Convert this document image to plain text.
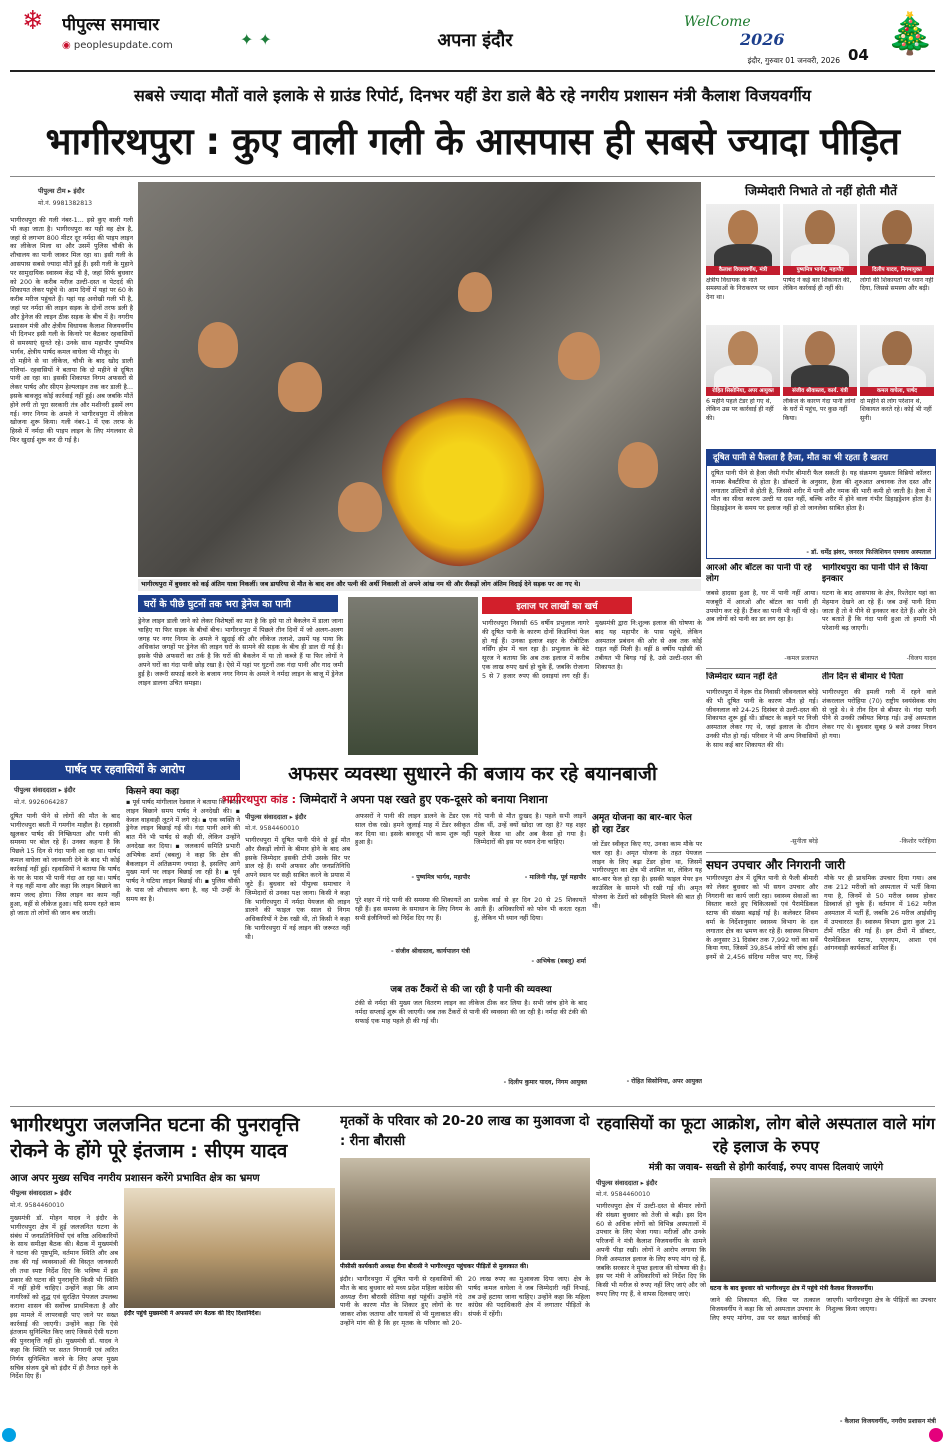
❄	पीपुल्स समाचार
◉ peoplesupdate.com	✦ ✦	अपना इंदौर
WelCome
2026	🎄
इंदौर, गुरुवार 01 जनवरी, 2026 04
सबसे ज्यादा मौतों वाले इलाके से ग्राउंड रिपोर्ट, दिनभर यहीं डेरा डाले बैठे रहे नगरीय प्रशासन मंत्री कैलाश विजयवर्गीय
भागीरथपुरा : कुए वाली गली के आसपास ही सबसे ज्यादा पीड़ित
पीपुल्स टीम ▸ इंदौर
मो.नं. 9981382813
भागीरथपुरा की गली नंबर-1... इसे कुए वाली गली भी कहा जाता है। भागीरथपुरा का यही वह क्षेत्र है, जहां से लगभग 800 मीटर दूर नर्मदा की पाइप लाइन का लीकेज मिला था और उसमें पुलिस चौकी के शौचालय का पानी जाकर मिल रहा था। इसी गली के आसपास सबसे ज्यादा मौतें हुई हैं। इसी गली के मुहाने पर सामुदायिक स्वास्थ्य केंद्र भी है, जहां सिर्फ बुधवार को 200 के करीब मरीज उल्टी-दस्त व पेटदर्द की शिकायत लेकर पहुंचे थे। आम दिनों में यहां पर 60 के करीब मरीज पहुंचते हैं। यहां यह अनोखी गली भी है, जहां पर नर्मदा की लाइन सड़क के दोनों तरफ डली है और ड्रेनेज की लाइन ठीक सड़क के बीच में है। नगरीय प्रशासन मंत्री और क्षेत्रीय विधायक कैलाश विजयवर्गीय भी दिनभर इसी गली के किनारे पर बैठकर रहवासियों से समस्याएं सुनते रहे। उनके साथ महापौर पुष्यमित्र भार्गव, क्षेत्रीय पार्षद कमल वाघेला भी मौजूद थे।
दो महीने से था लीकेज, चौथी के बाद खोद डाली गलियां- रहवासियों ने बताया कि दो महीने से दूषित पानी आ रहा था। इसकी शिकायत निगम अफसरों से लेकर पार्षद और सीएम हेल्पलाइन तक कर डाली है... इसके बावजूद कोई कार्रवाई नहीं हुई। अब जबकि मौतें होने लगी तो पूरा सरकारी तंत्र और मशीनरी इसमें लग गई। नगर निगम के अमले ने भागीरथपुरा में लीकेज खोजना शुरू किया। गली नंबर-1 में एक तरफ के हिस्से में नर्मदा की पाइप लाइन के लिए मंगलवार से फिर खुदाई शुरू कर दी गई है।
भागीरथपुरा में बुधवार को कई अंतिम यात्रा निकलीं। जब डायरिया से मौत के बाद शव और पत्नी की अर्थी निकाली तो अपने आंख नम थी और सैकड़ों लोग अंतिम विदाई देने सड़क पर आ गए थे।
घरों के पीछे घुटनों तक भरा ड्रेनेज का पानी
ड्रेनेज लाइन डाली जाने को लेकर विशेषज्ञों का मत है कि इसे या तो बैकलेन में डाला जाना चाहिए या फिर सड़क के बीचों बीच। भागीरथपुरा में पिछले तीन दिनों में जो अलग-अलग जगह पर नगर निगम के अमले ने खुदाई की और लीकेज तलाशे, उसमें यह पाया कि अधिकांश जगहों पर ड्रेनेज की लाइन घरों के सामने की सड़क के बीच ही डाल दी गई है। इसके पीछे अफसरों का तर्क है कि घरों की बैकलेन में या तो कब्जे हैं या फिर लोगों ने अपने घरों का गंदा पानी छोड़ रखा है। ऐसे में यहां पर घुटनों तक गंदा पानी और गाद जमी हुई है। जरूरी सफाई करने के बजाय नगर निगम के अमले ने नर्मदा लाइन के बाजू में ड्रेनेज लाइन डालना उचित समझा।
इलाज पर लाखों का खर्च
भागीरथपुरा निवासी 65 वर्षीय प्रभुलाल नागरे की दूषित पानी के कारण दोनों किडनियां फेल हो गई हैं। उनका इलाज शहर के रोबोटिक नर्सिंग होम में चल रहा है। प्रभुलाल के बेटे सूरज ने बताया कि अब तक इलाज में करीब एक लाख रुपए खर्च हो चुके हैं, जबकि रोजाना 5 से 7 हजार रुपए की दवाइयां लग रही हैं। मुख्यमंत्री द्वारा नि:शुल्क इलाज की घोषणा के बाद यह महापौर के पास पहुंचे, लेकिन अस्पताल प्रबंधन की ओर से अब तक कोई राहत नहीं मिली है। वहीं 8 वर्षीय पड़ोसी की तबीयत भी बिगड़ गई है, उसे उल्टी-दस्त की शिकायत है।
जिम्मेदारी निभाते तो नहीं होती मौतें
कैलाश विजयवर्गीय, मंत्री
क्षेत्रीय विधायक के नाते समस्याओं के निराकरण पर ध्यान देना था।
पुष्यमित्र भार्गव, महापौर
पार्षद ने कई बार शिकायत की, लेकिन कार्रवाई ही नहीं की।
दिलीप यादव, निगमायुक्त
लोगों की शिकायतों पर ध्यान नहीं दिया, जिससे समस्या और बढ़ी।
रोहित सिसोनिया, अपर आयुक्त
6 महीने पहले टेंडर हो गए थे, लेकिन उस पर कार्रवाई ही नहीं की।
संजीव श्रीवास्तव, कार्य. यंत्री
लीकेज के कारण गंदा पानी लोगों के घरों में पहुंच, पर कुछ नहीं किया।
कमल वाघेला, पार्षद
दो महीने से लोग परेशान थे, शिकायत करते रहे। कोई भी नहीं सुनी।
दूषित पानी से फैलता है हैजा, मौत का भी रहता है खतरा
दूषित पानी पीने से हैजा जैसी गंभीर बीमारी फैल सकती है। यह संक्रमण मुख्यतः विब्रियो कॉलरा नामक बैक्टीरिया से होता है। डॉक्टरों के अनुसार, हैजा की शुरुआत अचानक तेज दस्त और लगातार उल्टियों से होती है, जिससे शरीर में पानी और नमक की भारी कमी हो जाती है। हैजा में मौत का सीधा कारण उल्टी या दस्त नहीं, बल्कि शरीर में होने वाला गंभीर डिहाइड्रेशन होता है। डिहाइड्रेशन के समय पर इलाज नहीं हो तो जानलेवा साबित होता है।
- डॉ. धर्मेंद्र झंवर, जनरल फिजिशियन एमवाय अस्पताल
आरओ और बॉटल का पानी पी रहे लोग
जबसे हादसा हुआ है, घर में पानी नहीं आया। मजबूरी में आरओ और बॉटल का पानी ही उपयोग कर रहे हैं। टैंकर का पानी भी नहीं पी रहे। अब लोगों को पानी का डर लग रहा है।
-कमल प्रजापत
भागीरथपुरा का पानी पीने से किया इनकार
घटना के बाद आसपास के क्षेत्र, रिश्तेदार यहां का मेहमान देखने आ रहे हैं। जब उन्हें पानी दिया जाता है तो वे पीने से इनकार कर देते हैं। ओर देने पर बताते हैं कि गंदा पानी हुआ तो हमारी भी परेशानी बढ़ जाएगी।
-विजय यादव
जिम्मेदार ध्यान नहीं देते
भागीरथपुरा में नेहरू रोड निवासी जीवनलाल बरेड़े की भी दूषित पानी के कारण मौत हो गई। जीवनलाल को 24-25 दिसंबर से उल्टी-दस्त की शिकायत शुरू हुई थी। डॉक्टर के कहने पर निजी अस्पताल लेकर गए थे, जहां इलाज के दौरान उनकी मौत हो गई। परिवार ने भी अन्य निवासियों के साथ कई बार शिकायत की थी।
-सुनीता बरेड़े
तीन दिन से बीमार थे पिता
भागीरथपुरा की इमली गली में रहने वाले शंकरलाल परोहिया (70) राष्ट्रीय स्वयंसेवक संघ से जुड़े थे। वे तीन दिन से बीमार थे। गंदा पानी पीने से उनकी तबीयत बिगड़ गई। उन्हें अस्पताल लेकर गए थे। बुधवार सुबह 9 बजे उनका निधन हो गया।
-किशोर परोहिया
सघन उपचार और निगरानी जारी
भागीरथपुरा क्षेत्र में दूषित पानी से फैली बीमारी को लेकर बुधवार को भी सघन उपचार और निगरानी का कार्य जारी रहा। स्वास्थ्य सेवाओं का विस्तार करते हुए चिकित्सकों एवं पैरामेडिकल स्टाफ की संख्या बढ़ाई गई है। कलेक्टर शिवम वर्मा के निर्देशानुसार स्वास्थ्य विभाग के दल लगातार क्षेत्र का भ्रमण कर रहे हैं। स्वास्थ्य विभाग के अनुसार 31 दिसंबर तक 7,992 घरों का सर्वे किया गया, जिसमें 39,854 लोगों की जांच हुई। इनमें से 2,456 संदिग्ध मरीज पाए गए, जिन्हें मौके पर ही प्राथमिक उपचार दिया गया। अब तक 212 मरीजों को अस्पताल में भर्ती किया गया है, जिनमें से 50 मरीज स्वस्थ होकर डिस्चार्ज हो चुके हैं। वर्तमान में 162 मरीज अस्पताल में भर्ती हैं, जबकि 26 मरीज आईसीयू में उपचाररत हैं। स्वास्थ्य विभाग द्वारा कुल 21 टीमें गठित की गई हैं। इन टीमों में डॉक्टर, पैरामेडिकल स्टाफ, एएनएम, आशा एवं आंगनवाड़ी कार्यकर्ता शामिल हैं।
पार्षद पर रहवासियों के आरोप
पीपुल्स संवाददाता ▸ इंदौर
मो.नं. 9926064287
दूषित पानी पीने से लोगों की मौत के बाद भागीरथपुरा बस्ती में गमगीन माहौल है। रहवासी खुलकर पार्षद की निष्क्रियता और पानी की समस्या पर बोल रहे हैं। उनका कहना है कि पिछले 15 दिन से गंदा पानी आ रहा था। पार्षद कमल वाघेला को जानकारी देने के बाद भी कोई कार्रवाई नहीं हुई। रहवासियों ने बताया कि पार्षद के घर के पास भी पानी गंदा आ रहा था। पार्षद ने यह नहीं माना और कहा कि लाइन बिछाने का काम जल्द होगा। जिस लाइन का काम नहीं हुआ, वहीं से लीकेज हुआ। यदि समय रहते काम हो जाता तो लोगों की जान बच जाती।
किसने क्या कहा
▪ पूर्व पार्षद मांगीलाल रेडवाल ने बताया कि नर्मदा लाइन बिछाने समय पार्षद ने अनदेखी की। ▪ केवल वाहवाही लूटने में लगे रहे। ▪ एक व्यक्ति ने ड्रेनेज लाइन बिछाई गई थी। गंदा पानी आने की बात मैंने भी पार्षद से कही थी, लेकिन उन्होंने अनदेखा कर दिया। ▪ जलकार्य समिति प्रभारी अभिषेक शर्मा (बबलू) ने कहा कि क्षेत्र की बैकलाइन में अतिक्रमण ज्यादा है, इसलिए आगे मुख्य मार्ग पर लाइन बिछाई जा रही है। ▪ पूर्व पार्षद ने घटिया लाइन बिछाई थी। ▪ पुलिस चौकी के पास जो शौचालय बना है, वह भी उन्हीं के समय का है।
अफसर व्यवस्था सुधारने की बजाय कर रहे बयानबाजी
भागीरथपुरा कांड : जिम्मेदारों ने अपना पक्ष रखते हुए एक-दूसरे को बनाया निशाना
पीपुल्स संवाददाता ▸ इंदौर
मो.नं. 9584460010
भागीरथपुरा में दूषित पानी पीने से हुई मौत और सैकड़ों लोगों के बीमार होने के बाद अब इसके जिम्मेदार इसकी टोपी उसके सिर पर डाल रहे हैं। सभी अफसर और जनप्रतिनिधि अपने स्थान पर सही साबित करने के प्रयास में जुटे हैं। बुधवार को पीपुल्स समाचार ने जिम्मेदारों से उनका पक्ष जाना। किसी ने कहा कि भागीरथपुरा में नर्मदा पेयजल की लाइन डालने की फाइल एक साल से निगम अधिकारियों ने टेक रखी थी, तो किसी ने कहा कि भागीरथपुरा में नई लाइन की जरूरत नहीं थी।
अफसरों ने पानी की लाइन डालने के टेंडर एक साल रोक रखे। हमने जुलाई माह में टेंडर स्वीकृत कर दिया था। इसके बावजूद भी काम शुरू नहीं हुआ है।
- पुष्यमित्र भार्गव, महापौर
गंदे पानी से मौत दुःखद है। पहले सभी लाइनें ठीक थीं, उन्हें क्यों खोदा जा रहा है? यह शहर पहले कैसा था और अब कैसा हो गया है। जिम्मेदारों की इस पर ध्यान देना चाहिए।
- मालिनी गौड़, पूर्व महापौर
पूरे शहर में गंदे पानी की समस्या की शिकायतें आ रही हैं। इस समस्या के समाधान के लिए निगम के सभी इंजीनियरों को निर्देश दिए गए हैं।
- संजीव श्रीवास्तव, कार्यपालन यंत्री
प्रत्येक वार्ड से हर दिन 20 से 25 शिकायतें आती हैं। अधिकारियों को फोन भी करता रहता हूं, लेकिन भी ध्यान नहीं दिया।
- अभिषेक (बबलू) शर्मा
जब तक टैंकरों से की जा रही है पानी की व्यवस्था
टंकी से नर्मदा की मुख्य जल वितरण लाइन का लीकेज ठीक कर लिया है। सभी जांच होने के बाद नर्मदा सप्लाई शुरू की जाएगी। जब तक टैंकरों से पानी की व्यवस्था की जा रही है। नर्मदा की टंकी की सफाई एक माह पहले ही की गई थी।
- दिलीप कुमार यादव, निगम आयुक्त
अमृत योजना का बार-बार फेल हो रहा टेंडर
जो टेंडर स्वीकृत किए गए, उनका काम मौके पर चल रहा है। अमृत योजना के तहत पेयजल लाइन के लिए बढ़ा टेंडर होना था, जिसमें भागीरथपुरा का क्षेत्र भी शामिल था, लेकिन यह बार-बार फेल हो रहा है। इसकी फाइल मेयर इन काउंसिल के सामने भी रखी गई थी। अमृत योजना के टेंडरों को स्वीकृति मिलने की बात ही थी।
- रोहित सिसोनिया, अपर आयुक्त
भागीरथपुरा जलजनित घटना की पुनरावृत्ति रोकने के होंगे पूरे इंतजाम : सीएम यादव
आज अपर मुख्य सचिव नगरीय प्रशासन करेंगे प्रभावित क्षेत्र का भ्रमण
पीपुल्स संवाददाता ▸ इंदौर
मो.नं. 9584460010
मुख्यमंत्री डॉ. मोहन यादव ने इंदौर के भागीरथपुरा क्षेत्र में हुई जलजनित घटना के संबंध में जनप्रतिनिधियों एवं वरिष्ठ अधिकारियों के साथ समीक्षा बैठक की। बैठक में मुख्यमंत्री ने घटना की पृष्ठभूमि, वर्तमान स्थिति और अब तक की गई व्यवस्थाओं की विस्तृत जानकारी ली तथा स्पष्ट निर्देश दिए कि भविष्य में इस प्रकार की घटना की पुनरावृत्ति किसी भी स्थिति में नहीं होनी चाहिए। उन्होंने कहा कि आम नागरिकों को शुद्ध एवं सुरक्षित पेयजल उपलब्ध कराना शासन की सर्वोच्च प्राथमिकता है और इस मामले में लापरवाही पाए जाने पर सख्त कार्रवाई की जाएगी। उन्होंने कहा कि ऐसे इंतजाम सुनिश्चित किए जाएं जिससे ऐसी घटना की पुनरावृत्ति नहीं हो। मुख्यमंत्री डॉ. यादव ने कहा कि स्थिति पर सतत निगरानी एवं त्वरित निर्णय सुनिश्चित करने के लिए अपर मुख्य सचिव संजय दुबे को इंदौर में ही तैनात रहने के निर्देश दिए हैं।
इंदौर पहुंचे मुख्यमंत्री ने अफसरों संग बैठक की दिए दिशानिर्देश।
मृतकों के परिवार को 20-20 लाख का मुआवजा दो : रीना बौरासी
पीसीसी कार्यकारी अध्यक्ष रीना बौरासी ने भागीरथपुरा पहुंचकर पीड़ितों से मुलाकात की।
इंदौर। भागीरथपुरा में दूषित पानी से रहवासियों की मौत के बाद बुधवार को मध्य प्रदेश महिला कांग्रेस की अध्यक्ष रीना बौरासी सेतिया वहां पहुंचीं। उन्होंने गंदे पानी के कारण मौत के शिकार हुए लोगों के घर जाकर शोक जताया और घायलों से भी मुलाकात की। उन्होंने मांग की है कि हर मृतक के परिवार को 20-20 लाख रुपए का मुआवजा दिया जाए। क्षेत्र के पार्षद कमल वाघेला ने जब जिम्मेदारी नहीं निभाई, तब उन्हें हटाया जाना चाहिए। उन्होंने कहा कि महिला कांग्रेस की पदाधिकारी क्षेत्र में लगातार पीड़ितों के संपर्क में रहेंगी।
रहवासियों का फूटा आक्रोश, लोग बोले अस्पताल वाले मांग रहे इलाज के रुपए
मंत्री का जवाब- सख्ती से होगी कार्रवाई, रुपए वापस दिलवाएं जाएंगे
पीपुल्स संवाददाता ▸ इंदौर
मो.नं. 9584460010
भागीरथपुरा क्षेत्र में उल्टी-दस्त से बीमार लोगों की संख्या बुधवार को तेजी से बढ़ी। इस दिन 60 से अधिक लोगों को विभिन्न अस्पतालों में उपचार के लिए भेजा गया। मरीजों और उनके परिजनों ने मंत्री कैलाश विजयवर्गीय के सामने अपनी पीड़ा रखी। लोगों ने आरोप लगाया कि निजी अस्पताल इलाज के लिए रुपए मांग रहे हैं, जबकि सरकार ने मुफ्त इलाज की घोषणा की है। इस पर मंत्री ने अधिकारियों को निर्देश दिए कि किसी भी मरीज से रुपए नहीं लिए जाएं और जो रुपए लिए गए हैं, वे वापस दिलवाए जाएं।
घटना के बाद बुधवार को भागीरथपुरा क्षेत्र में पहुंचे मंत्री कैलाश विजयवर्गीय।
जाने की शिकायत की, जिस पर तत्काल विजयवर्गीय ने कहा कि जो अस्पताल उपचार के लिए रुपए मांगेगा, उस पर सख्त कार्रवाई की जाएगी। भागीरथपुरा क्षेत्र के पीड़ितों का उपचार निशुल्क किया जाएगा।
- कैलाश विजयवर्गीय, नगरीय प्रशासन मंत्री
